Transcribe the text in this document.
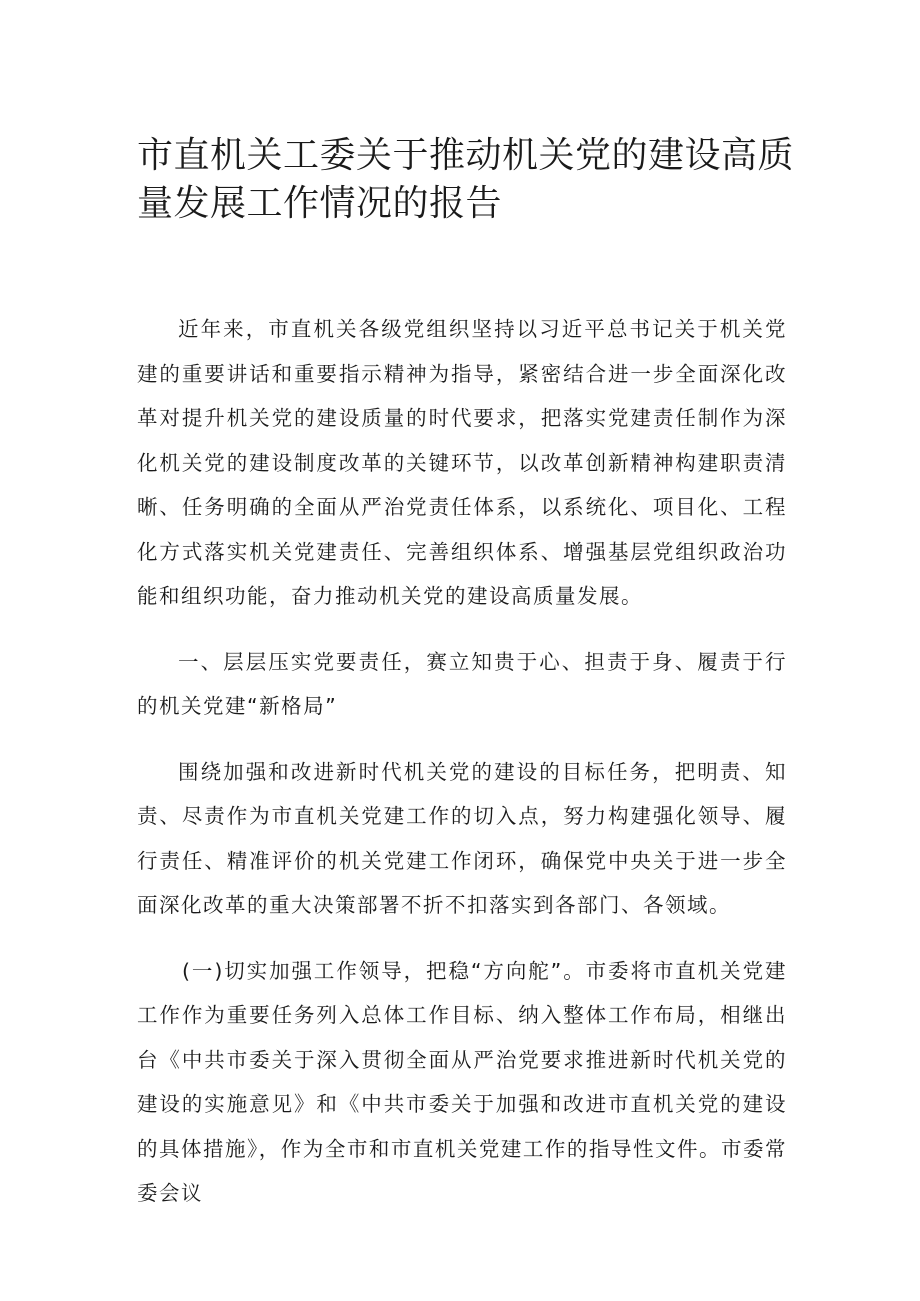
市直机关工委关于推动机关党的建设高质量发展工作情况的报告

近年来，市直机关各级党组织坚持以习近平总书记关于机关党建的重要讲话和重要指示精神为指导，紧密结合进一步全面深化改革对提升机关党的建设质量的时代要求，把落实党建责任制作为深化机关党的建设制度改革的关键环节，以改革创新精神构建职责清晰、任务明确的全面从严治党责任体系，以系统化、项目化、工程化方式落实机关党建责任、完善组织体系、增强基层党组织政治功能和组织功能，奋力推动机关党的建设高质量发展。

一、层层压实党要责任，赛立知贵于心、担责于身、履责于行的机关党建“新格局”

围绕加强和改进新时代机关党的建设的目标任务，把明责、知责、尽责作为市直机关党建工作的切入点，努力构建强化领导、履行责任、精准评价的机关党建工作闭环，确保党中央关于进一步全面深化改革的重大决策部署不折不扣落实到各部门、各领域。

(一)切实加强工作领导，把稳“方向舵”。市委将市直机关党建工作作为重要任务列入总体工作目标、纳入整体工作布局，相继出台《中共市委关于深入贯彻全面从严治党要求推进新时代机关党的建设的实施意见》和《中共市委关于加强和改进市直机关党的建设的具体措施》，作为全市和市直机关党建工作的指导性文件。市委常委会议
